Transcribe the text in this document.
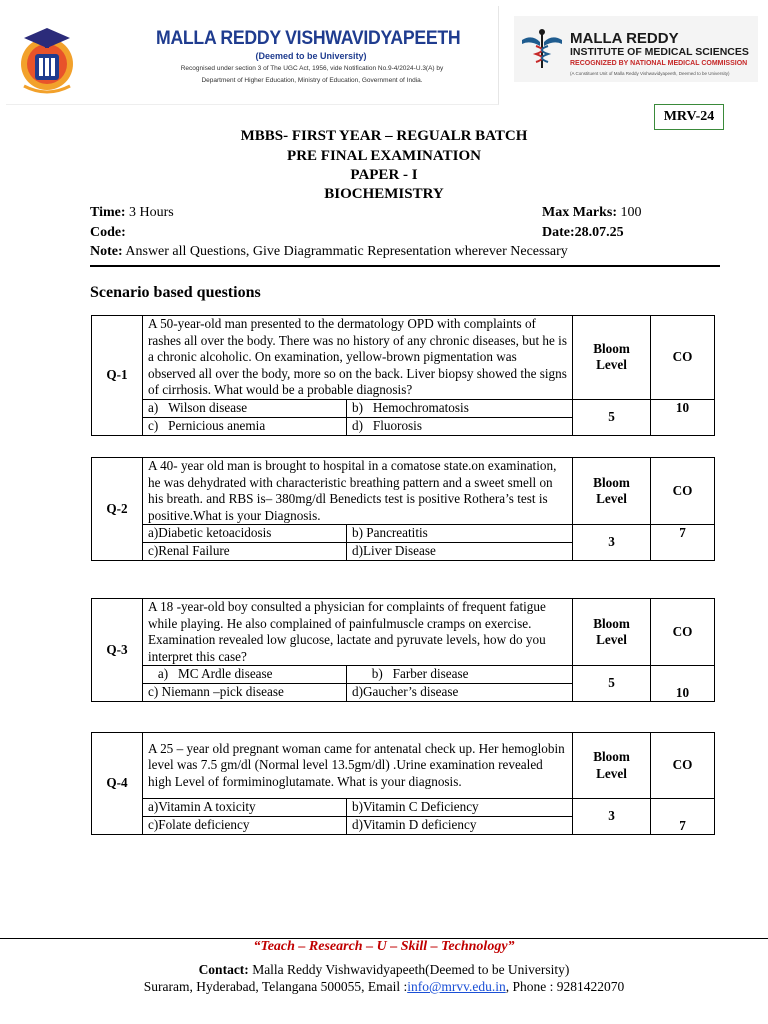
MALLA REDDY VISHWAVIDYAPEETH
(Deemed to be University)
Recognised under section 3 of The UGC Act, 1956, vide Notification No.9-4/2024-U.3(A) by
Department of Higher Education, Ministry of Education, Government of India.
MALLA REDDY
INSTITUTE OF MEDICAL SCIENCES
RECOGNIZED BY NATIONAL MEDICAL COMMISSION
(A Constituent Unit of Malla Reddy Vishwavidyapeeth, Deemed to be University)
MRV-24
MBBS- FIRST YEAR – REGUALR BATCH
PRE FINAL EXAMINATION
PAPER - I
BIOCHEMISTRY
Time: 3 Hours	Max Marks: 100
Code:	Date:28.07.25
Note: Answer all Questions, Give Diagrammatic Representation wherever Necessary
Scenario based questions
Q-1	A 50-year-old man presented to the dermatology OPD with complaints of rashes all over the body. There was no history of any chronic diseases, but he is a chronic alcoholic. On examination, yellow-brown pigmentation was observed all over the body, more so on the back. Liver biopsy showed the signs of cirrhosis. What would be a probable diagnosis?		Bloom Level	CO
	a)   Wilson disease	b)   Hemochromatosis	5	10
	c)   Pernicious anemia	d)   Fluorosis		
Q-2	A 40- year old man is brought to hospital in a comatose state.on examination, he was dehydrated with characteristic breathing pattern and a sweet smell on his breath. and RBS is– 380mg/dl Benedicts test is positive Rothera’s test is positive.What is your Diagnosis.		Bloom Level	CO
	a)Diabetic ketoacidosis	b) Pancreatitis	3	7
	c)Renal Failure	d)Liver Disease		
Q-3	A 18 -year-old boy consulted a physician for complaints of frequent fatigue while playing. He also complained of painfulmuscle cramps on exercise. Examination revealed low glucose, lactate and pyruvate levels, how do you interpret this case?		Bloom Level	CO
	a)   MC Ardle disease	b)   Farber disease	5	10
	c) Niemann –pick disease	d)Gaucher’s disease		
Q-4	A 25 – year old pregnant woman came for antenatal check up. Her hemoglobin level was 7.5 gm/dl (Normal level 13.5gm/dl) .Urine examination revealed high Level of formiminoglutamate. What is your diagnosis.		Bloom Level	CO
	a)Vitamin A toxicity	b)Vitamin C Deficiency	3	7
	c)Folate deficiency	d)Vitamin D deficiency		
“Teach – Research – U – Skill – Technology”
Contact: Malla Reddy Vishwavidyapeeth(Deemed to be University)
Suraram, Hyderabad, Telangana 500055, Email :info@mrvv.edu.in, Phone : 9281422070
